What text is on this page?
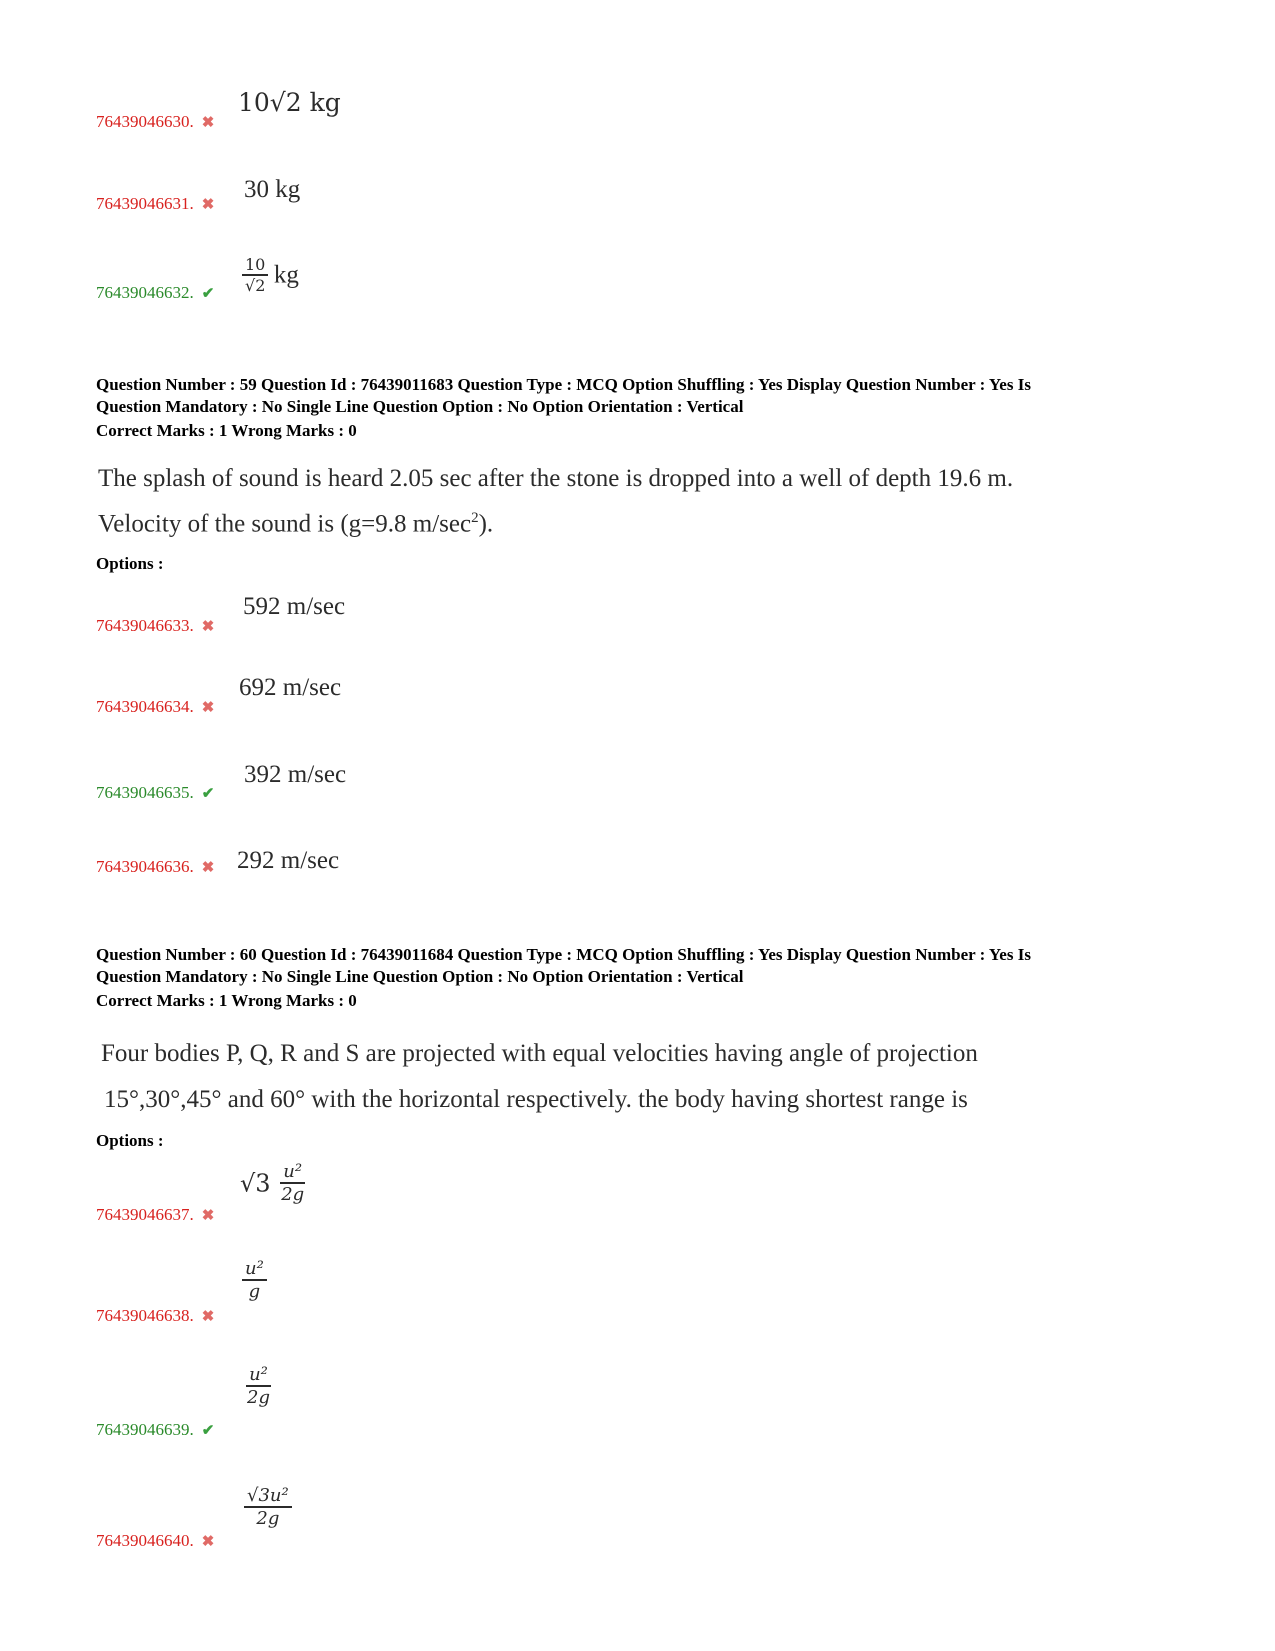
76439046630. ✖
10√2 kg
76439046631. ✖
30 kg
76439046632. ✔ $\frac{10}{√2}$ kg
Question Number : 59 Question Id : 76439011683 Question Type : MCQ Option Shuffling : Yes Display Question Number : Yes Is
Question Mandatory : No Single Line Question Option : No Option Orientation : Vertical
Correct Marks : 1 Wrong Marks : 0
The splash of sound is heard 2.05 sec after the stone is dropped into a well of depth 19.6 m.
Velocity of the sound is (g=9.8 $m/\sec^2$).
Options :
76439046633. ✖
592 m/sec
76439046634. ✖
692 m/sec
76439046635. ✔
392 m/sec
76439046636. ✖ 292 m/sec
Question Number : 60 Question Id : 76439011684 Question Type : MCQ Option Shuffling : Yes Display Question Number : Yes Is
Question Mandatory : No Single Line Question Option : No Option Orientation : Vertical
Correct Marks : 1 Wrong Marks : 0
Four bodies P, Q, R and S are projected with equal velocities having angle of projection
15°,30°,45° and 60° with the horizontal respectively. the body having shortest range is
Options :
76439046637. ✖
$√3 \frac{\text{u²}}{2g}$
76439046638. ✖
$\frac{\text{u²}}{g}$
76439046639. ✔
$\frac{\text{u²}}{2g}$
76439046640. ✖
$\frac{\text{√3u²}}{2g}$
